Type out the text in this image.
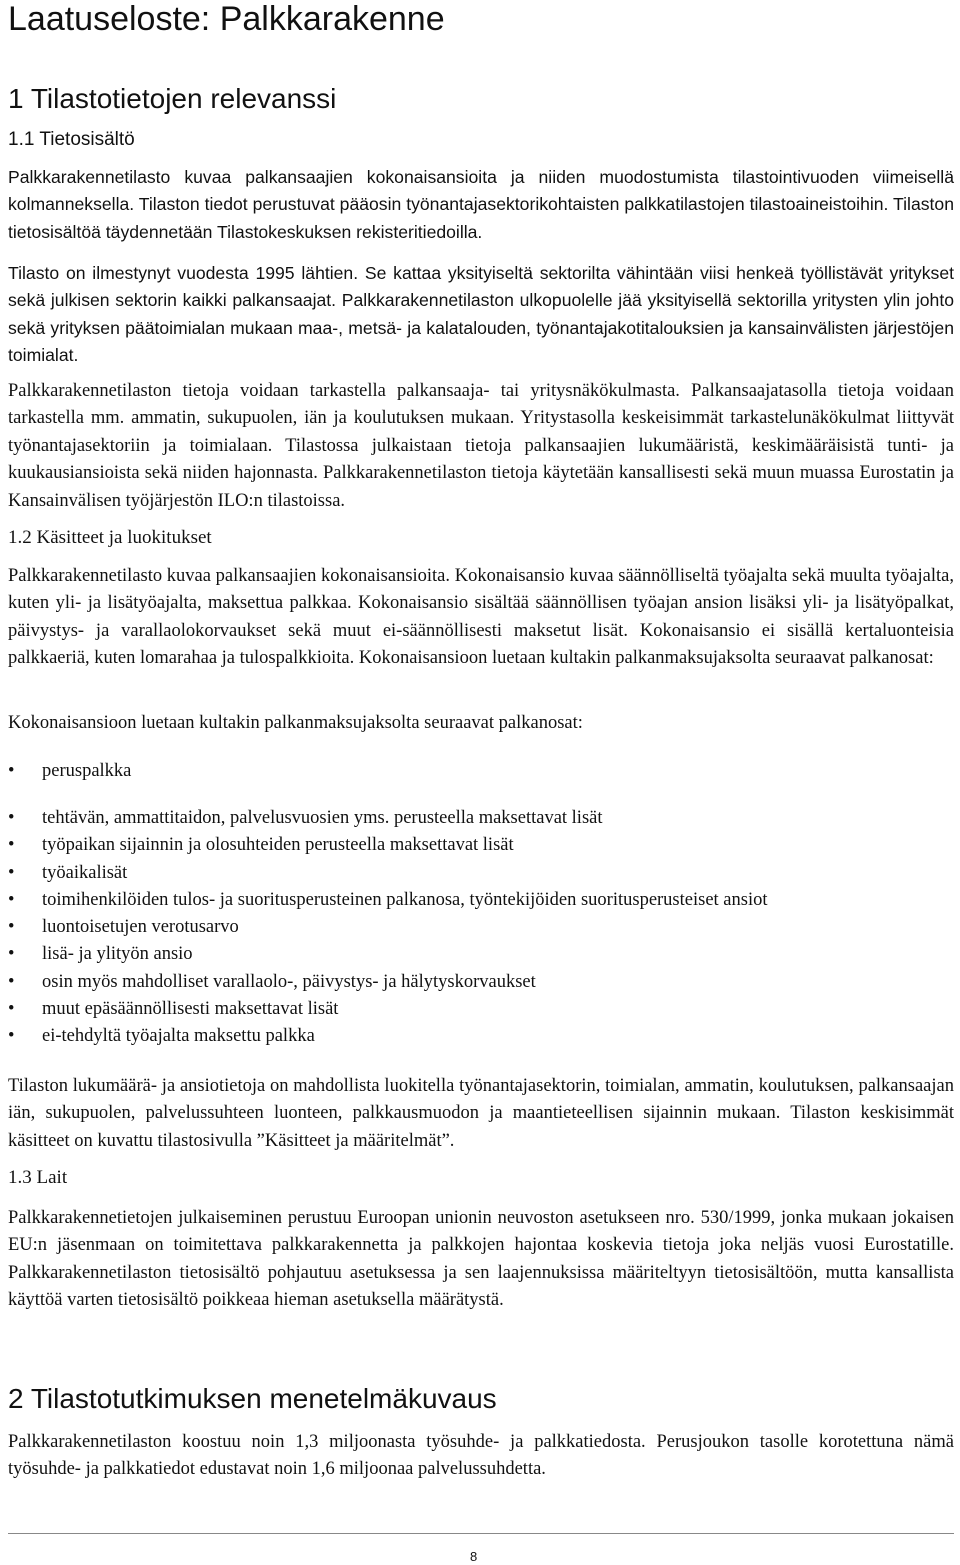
Laatuseloste: Palkkarakenne
1 Tilastotietojen relevanssi
1.1 Tietosisältö

Palkkarakennetilasto kuvaa palkansaajien kokonaisansioita ja niiden muodostumista tilastointivuoden viimeisellä kolmanneksella. Tilaston tiedot perustuvat pääosin työnantajasektorikohtaisten palkkatilastojen tilastoaineistoihin. Tilaston tietosisältöä täydennetään Tilastokeskuksen rekisteritiedoilla.

Tilasto on ilmestynyt vuodesta 1995 lähtien. Se kattaa yksityiseltä sektorilta vähintään viisi henkeä työllistävät yritykset sekä julkisen sektorin kaikki palkansaajat. Palkkarakennetilaston ulkopuolelle jää yksityisellä sektorilla yritysten ylin johto sekä yrityksen päätoimialan mukaan maa-, metsä- ja kalatalouden, työnantajakotitalouksien ja kansainvälisten järjestöjen toimialat.

Palkkarakennetilaston tietoja voidaan tarkastella palkansaaja- tai yritysnäkökulmasta. Palkansaajatasolla tietoja voidaan tarkastella mm. ammatin, sukupuolen, iän ja koulutuksen mukaan. Yritystasolla keskeisimmät tarkastelunäkökulmat liittyvät työnantajasektoriin ja toimialaan. Tilastossa julkaistaan tietoja palkansaajien lukumääristä, keskimääräisistä tunti- ja kuukausiansioista sekä niiden hajonnasta. Palkkarakennetilaston tietoja käytetään kansallisesti sekä muun muassa Eurostatin ja Kansainvälisen työjärjestön ILO:n tilastoissa.

1.2 Käsitteet ja luokitukset

Palkkarakennetilasto kuvaa palkansaajien kokonaisansioita. Kokonaisansio kuvaa säännölliseltä työajalta sekä muulta työajalta, kuten yli- ja lisätyöajalta, maksettua palkkaa. Kokonaisansio sisältää säännöllisen työajan ansion lisäksi yli- ja lisätyöpalkat, päivystys- ja varallaolokorvaukset sekä muut ei-säännöllisesti maksetut lisät. Kokonaisansio ei sisällä kertaluonteisia palkkaeriä, kuten lomarahaa ja tulospalkkioita. Kokonaisansioon luetaan kultakin palkanmaksujaksolta seuraavat palkanosat:

Kokonaisansioon luetaan kultakin palkanmaksujaksolta seuraavat palkanosat:

• peruspalkka
• tehtävän, ammattitaidon, palvelusvuosien yms. perusteella maksettavat lisät
• työpaikan sijainnin ja olosuhteiden perusteella maksettavat lisät
• työaikalisät
• toimihenkilöiden tulos- ja suoritusperusteinen palkanosa, työntekijöiden suoritusperusteiset ansiot
• luontoisetujen verotusarvo
• lisä- ja ylityön ansio
• osin myös mahdolliset varallaolo-, päivystys- ja hälytyskorvaukset
• muut epäsäännöllisesti maksettavat lisät
• ei-tehdyltä työajalta maksettu palkka

Tilaston lukumäärä- ja ansiotietoja on mahdollista luokitella työnantajasektorin, toimialan, ammatin, koulutuksen, palkansaajan iän, sukupuolen, palvelussuhteen luonteen, palkkausmuodon ja maantieteellisen sijainnin mukaan. Tilaston keskisimmät käsitteet on kuvattu tilastosivulla ”Käsitteet ja määritelmät”.

1.3 Lait

Palkkarakennetietojen julkaiseminen perustuu Euroopan unionin neuvoston asetukseen nro. 530/1999, jonka mukaan jokaisen EU:n jäsenmaan on toimitettava palkkarakennetta ja palkkojen hajontaa koskevia tietoja joka neljäs vuosi Eurostatille. Palkkarakennetilaston tietosisältö pohjautuu asetuksessa ja sen laajennuksissa määriteltyyn tietosisältöön, mutta kansallista käyttöä varten tietosisältö poikkeaa hieman asetuksella määrätystä.

2 Tilastotutkimuksen menetelmäkuvaus

Palkkarakennetilaston koostuu noin 1,3 miljoonasta työsuhde- ja palkkatiedosta. Perusjoukon tasolle korotettuna nämä työsuhde- ja palkkatiedot edustavat noin 1,6 miljoonaa palvelussuhdetta.

8
